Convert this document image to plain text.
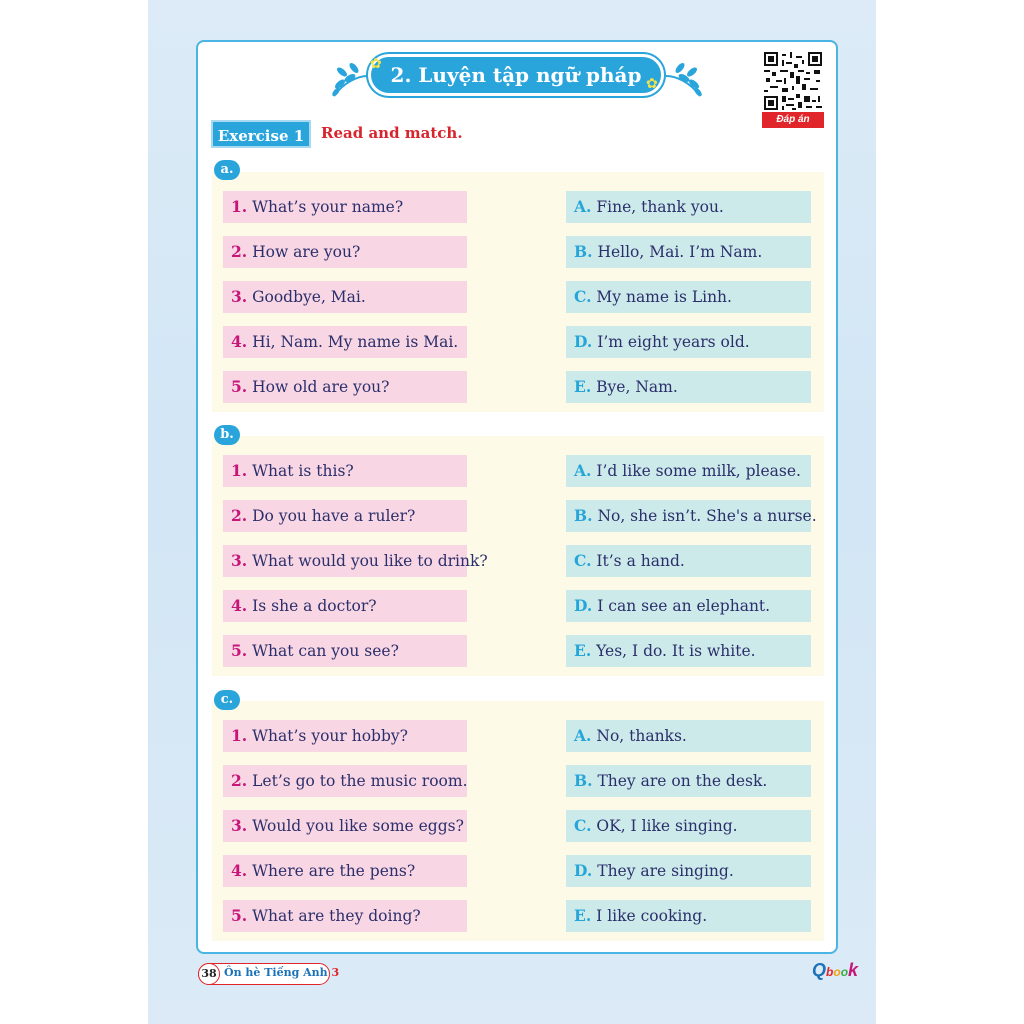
2. Luyện tập ngữ pháp
✿
✿
Đáp án
Exercise 1	Read and match.
a.
1. What’s your name?
2. How are you?
3. Goodbye, Mai.
4. Hi, Nam. My name is Mai.
5. How old are you?
A. Fine, thank you.
B. Hello, Mai. I’m Nam.
C. My name is Linh.
D. I’m eight years old.
E. Bye, Nam.
b.
1. What is this?
2. Do you have a ruler?
3. What would you like to drink?
4. Is she a doctor?
5. What can you see?
A. I’d like some milk, please.
B. No, she isn’t. She's a nurse.
C. It’s a hand.
D. I can see an elephant.
E. Yes, I do. It is white.
c.
1. What’s your hobby?
2. Let’s go to the music room.
3. Would you like some eggs?
4. Where are the pens?
5. What are they doing?
A. No, thanks.
B. They are on the desk.
C. OK, I like singing.
D. They are singing.
E. I like cooking.
38 Ôn hè Tiếng Anh 3	Qbook
